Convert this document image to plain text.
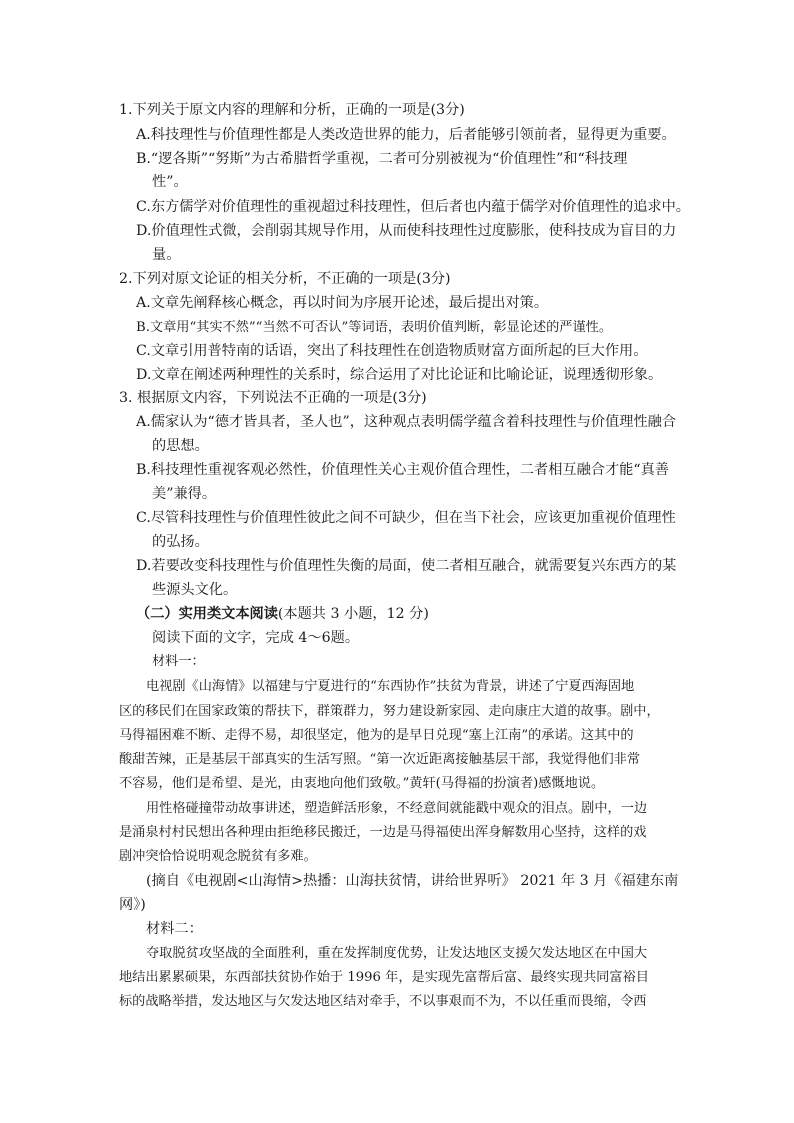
1.下列关于原文内容的理解和分析，正确的一项是(3分)
A.科技理性与价值理性都是人类改造世界的能力，后者能够引领前者，显得更为重要。
B.“逻各斯”“努斯”为古希腊哲学重视，二者可分别被视为“价值理性”和“科技理
性”。
C.东方儒学对价值理性的重视超过科技理性，但后者也内蕴于儒学对价值理性的追求中。
D.价值理性式微，会削弱其规导作用，从而使科技理性过度膨胀，使科技成为盲目的力
量。
2.下列对原文论证的相关分析，不正确的一项是(3分)
A.文章先阐释核心概念，再以时间为序展开论述，最后提出对策。
B.文章用“其实不然”“当然不可否认”等词语，表明价值判断，彰显论述的严谨性。
C.文章引用普特南的话语，突出了科技理性在创造物质财富方面所起的巨大作用。
D.文章在阐述两种理性的关系时，综合运用了对比论证和比喻论证，说理透彻形象。
3. 根据原文内容，下列说法不正确的一项是(3分)
A.儒家认为“德才皆具者，圣人也”，这种观点表明儒学蕴含着科技理性与价值理性融合
的思想。
B.科技理性重视客观必然性，价值理性关心主观价值合理性，二者相互融合才能“真善
美”兼得。
C.尽管科技理性与价值理性彼此之间不可缺少，但在当下社会，应该更加重视价值理性
的弘扬。
D.若要改变科技理性与价值理性失衡的局面，使二者相互融合，就需要复兴东西方的某
些源头文化。
（二）实用类文本阅读(本题共 3 小题，12 分)
阅读下面的文字，完成 4～6题。
材料一：
电视剧《山海情》以福建与宁夏进行的“东西协作”扶贫为背景，讲述了宁夏西海固地
区的移民们在国家政策的帮扶下，群策群力，努力建设新家园、走向康庄大道的故事。剧中，
马得福困难不断、走得不易，却很坚定，他为的是早日兑现“塞上江南”的承诺。这其中的
酸甜苦辣，正是基层干部真实的生活写照。“第一次近距离接触基层干部，我觉得他们非常
不容易，他们是希望、是光，由衷地向他们致敬。”黄轩(马得福的扮演者)感慨地说。
用性格碰撞带动故事讲述，塑造鲜活形象，不经意间就能戳中观众的泪点。剧中，一边
是涌泉村村民想出各种理由拒绝移民搬迁，一边是马得福使出浑身解数用心坚持，这样的戏
剧冲突恰恰说明观念脱贫有多难。
(摘自《电视剧<山海情>热播：山海扶贫情，讲给世界听》 2021 年 3 月《福建东南
网》)
材料二：
夺取脱贫攻坚战的全面胜利，重在发挥制度优势，让发达地区支援欠发达地区在中国大
地结出累累硕果，东西部扶贫协作始于 1996 年，是实现先富帮后富、最终实现共同富裕目
标的战略举措，发达地区与欠发达地区结对牵手，不以事艰而不为，不以任重而畏缩，令西
